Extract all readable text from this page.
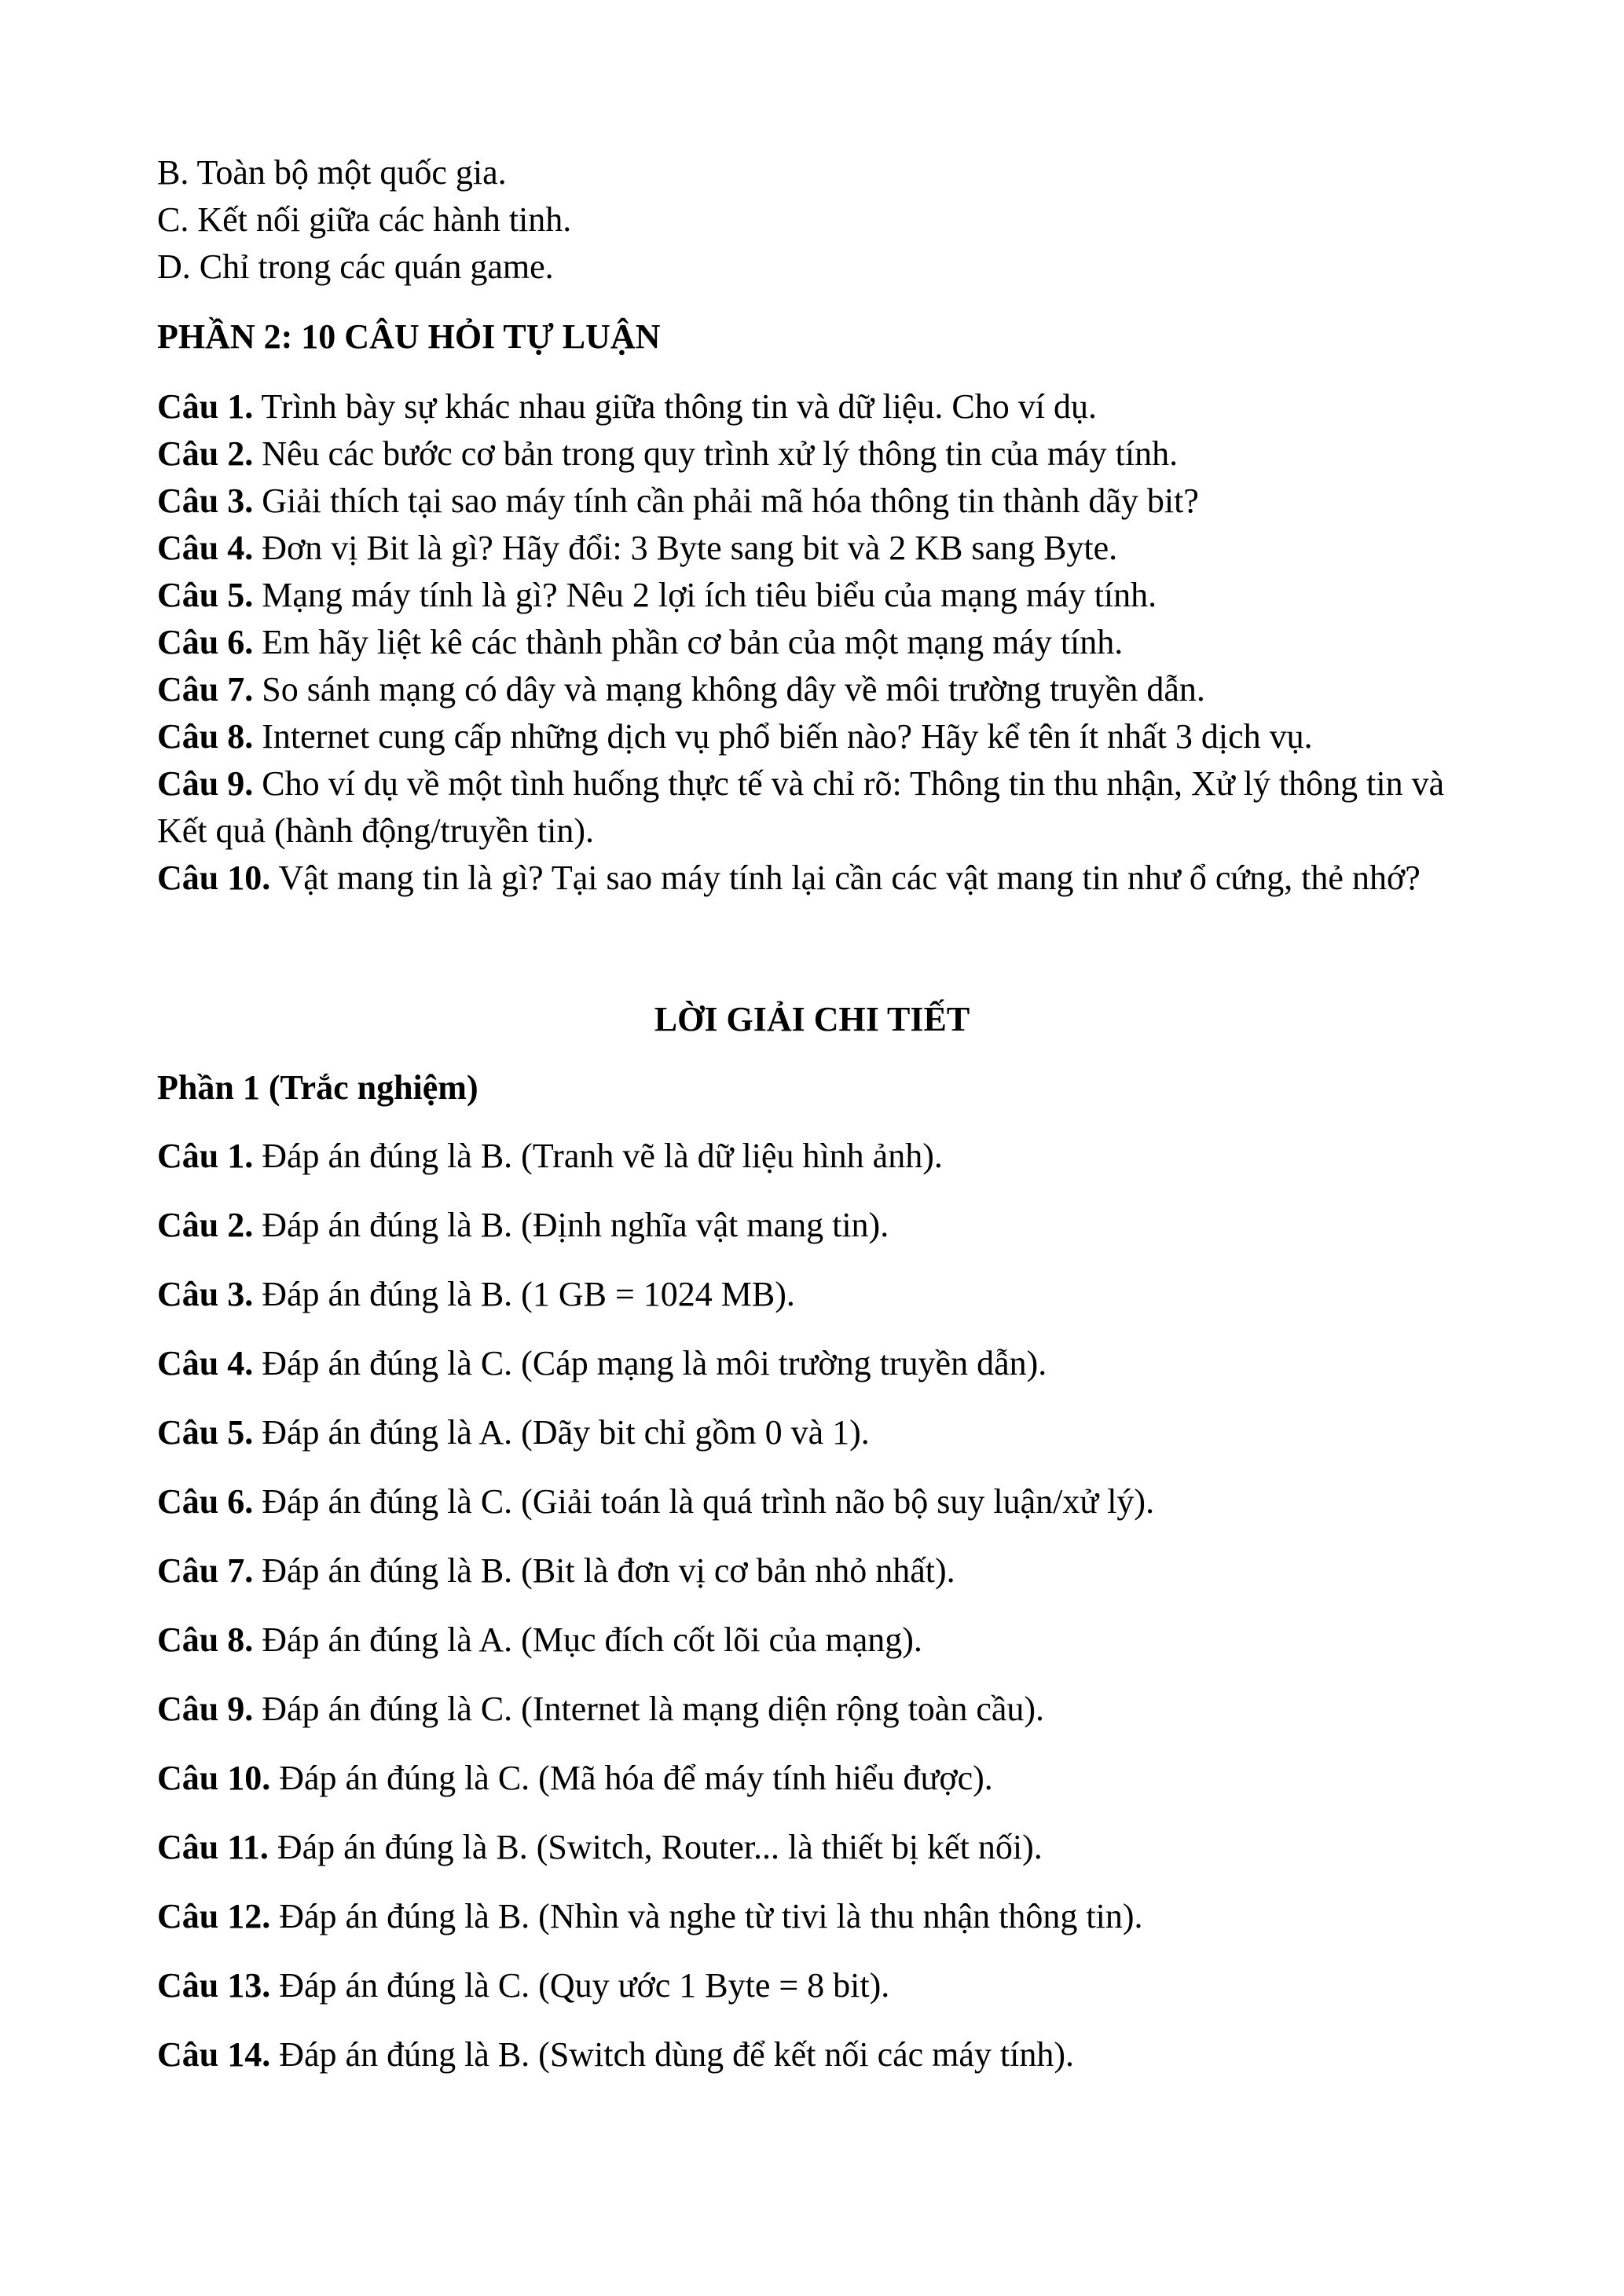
B. Toàn bộ một quốc gia.
C. Kết nối giữa các hành tinh.
D. Chỉ trong các quán game.
PHẦN 2: 10 CÂU HỎI TỰ LUẬN
Câu 1. Trình bày sự khác nhau giữa thông tin và dữ liệu. Cho ví dụ.
Câu 2. Nêu các bước cơ bản trong quy trình xử lý thông tin của máy tính.
Câu 3. Giải thích tại sao máy tính cần phải mã hóa thông tin thành dãy bit?
Câu 4. Đơn vị Bit là gì? Hãy đổi: 3 Byte sang bit và 2 KB sang Byte.
Câu 5. Mạng máy tính là gì? Nêu 2 lợi ích tiêu biểu của mạng máy tính.
Câu 6. Em hãy liệt kê các thành phần cơ bản của một mạng máy tính.
Câu 7. So sánh mạng có dây và mạng không dây về môi trường truyền dẫn.
Câu 8. Internet cung cấp những dịch vụ phổ biến nào? Hãy kể tên ít nhất 3 dịch vụ.
Câu 9. Cho ví dụ về một tình huống thực tế và chỉ rõ: Thông tin thu nhận, Xử lý thông tin và Kết quả (hành động/truyền tin).
Câu 10. Vật mang tin là gì? Tại sao máy tính lại cần các vật mang tin như ổ cứng, thẻ nhớ?
LỜI GIẢI CHI TIẾT
Phần 1 (Trắc nghiệm)
Câu 1. Đáp án đúng là B. (Tranh vẽ là dữ liệu hình ảnh).
Câu 2. Đáp án đúng là B. (Định nghĩa vật mang tin).
Câu 3. Đáp án đúng là B. (1 GB = 1024 MB).
Câu 4. Đáp án đúng là C. (Cáp mạng là môi trường truyền dẫn).
Câu 5. Đáp án đúng là A. (Dãy bit chỉ gồm 0 và 1).
Câu 6. Đáp án đúng là C. (Giải toán là quá trình não bộ suy luận/xử lý).
Câu 7. Đáp án đúng là B. (Bit là đơn vị cơ bản nhỏ nhất).
Câu 8. Đáp án đúng là A. (Mục đích cốt lõi của mạng).
Câu 9. Đáp án đúng là C. (Internet là mạng diện rộng toàn cầu).
Câu 10. Đáp án đúng là C. (Mã hóa để máy tính hiểu được).
Câu 11. Đáp án đúng là B. (Switch, Router... là thiết bị kết nối).
Câu 12. Đáp án đúng là B. (Nhìn và nghe từ tivi là thu nhận thông tin).
Câu 13. Đáp án đúng là C. (Quy ước 1 Byte = 8 bit).
Câu 14. Đáp án đúng là B. (Switch dùng để kết nối các máy tính).
